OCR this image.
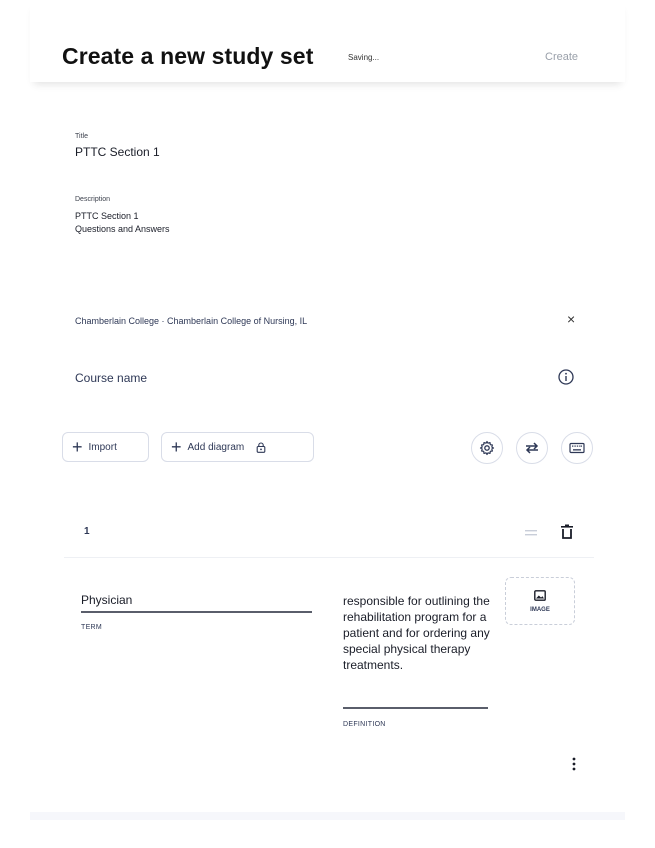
Create a new study set	Saving...	Create
Title
PTTC Section 1
Description
PTTC Section 1
Questions and Answers
Chamberlain College · Chamberlain College of Nursing, IL	×
Course name
+ Import	+ Add diagram
1
Physician
TERM
responsible for outlining the rehabilitation program for a patient and for ordering any special physical therapy treatments.
DEFINITION
IMAGE
